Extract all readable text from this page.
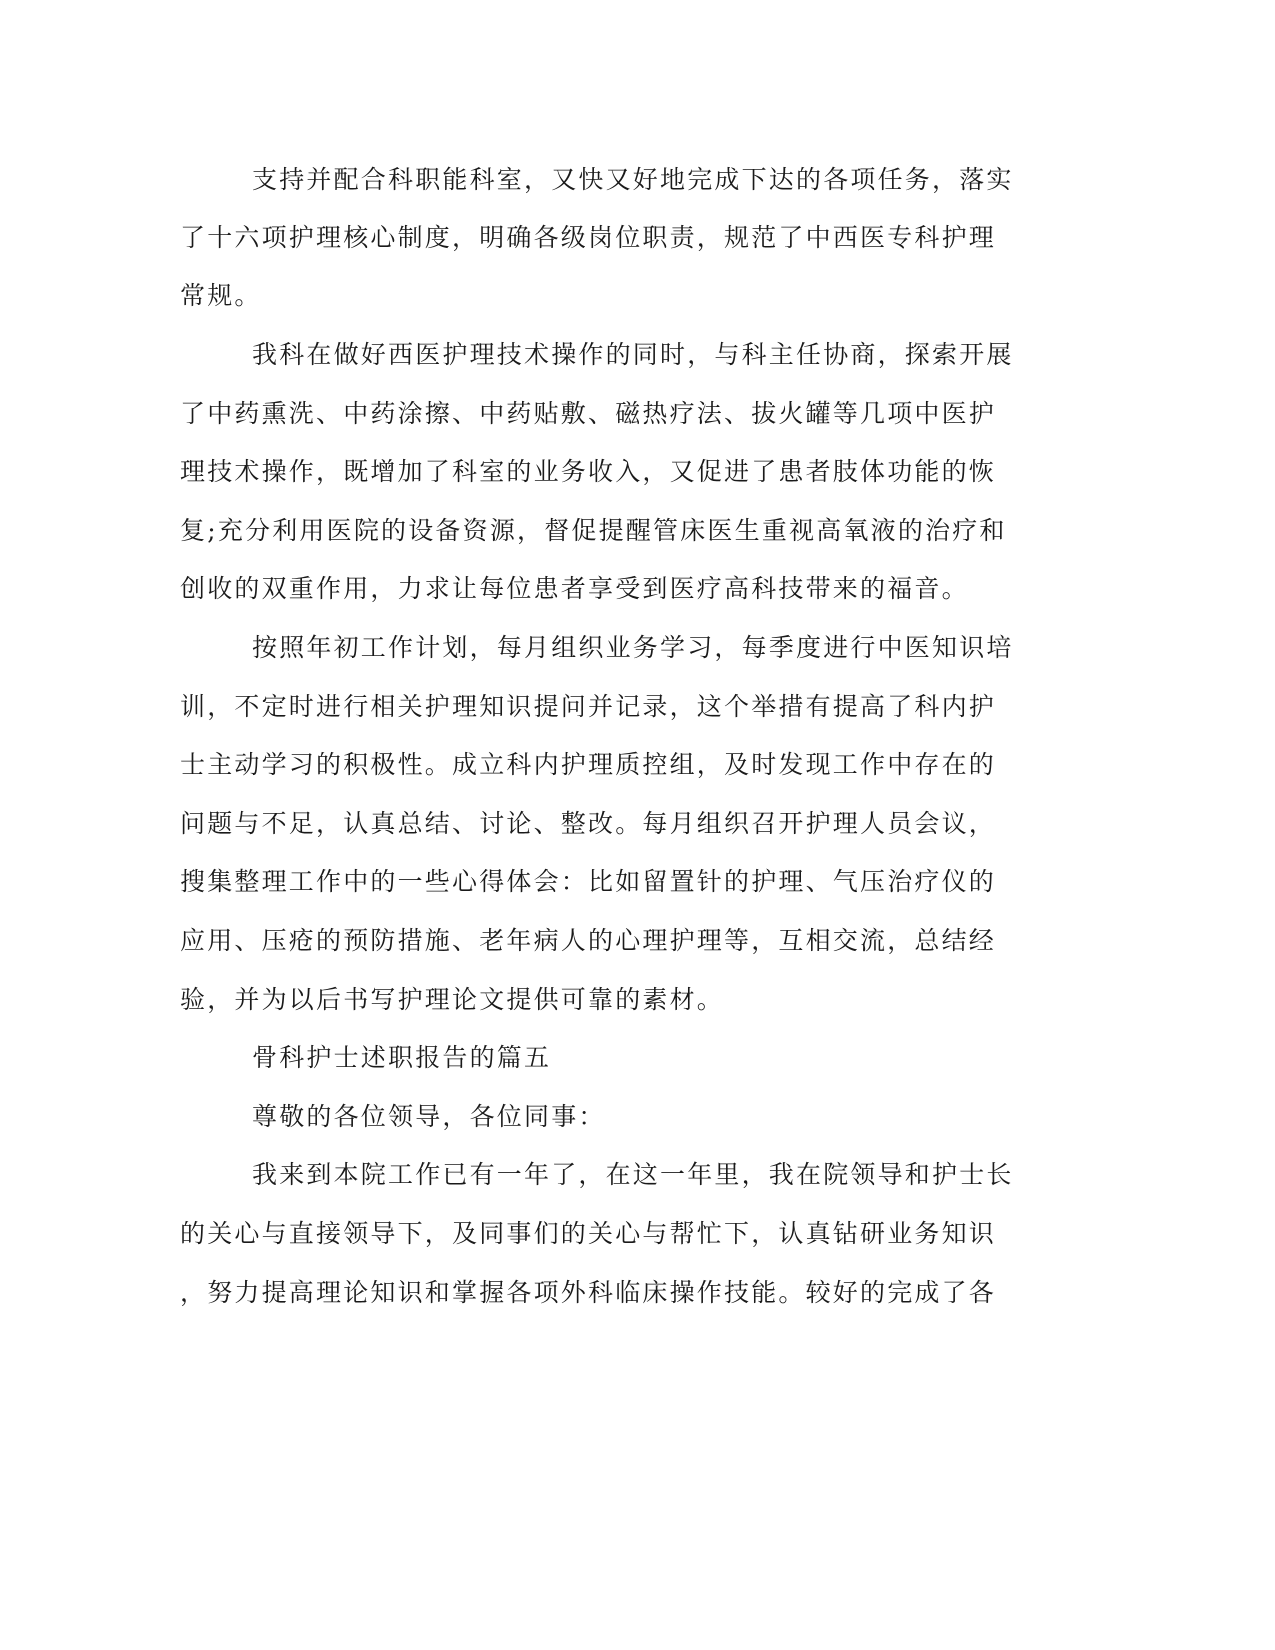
支持并配合科职能科室，又快又好地完成下达的各项任务，落实
了十六项护理核心制度，明确各级岗位职责，规范了中西医专科护理
常规。
我科在做好西医护理技术操作的同时，与科主任协商，探索开展
了中药熏洗、中药涂擦、中药贴敷、磁热疗法、拔火罐等几项中医护
理技术操作，既增加了科室的业务收入，又促进了患者肢体功能的恢
复;充分利用医院的设备资源，督促提醒管床医生重视高氧液的治疗和
创收的双重作用，力求让每位患者享受到医疗高科技带来的福音。
按照年初工作计划，每月组织业务学习，每季度进行中医知识培
训，不定时进行相关护理知识提问并记录，这个举措有提高了科内护
士主动学习的积极性。成立科内护理质控组，及时发现工作中存在的
问题与不足，认真总结、讨论、整改。每月组织召开护理人员会议，
搜集整理工作中的一些心得体会：比如留置针的护理、气压治疗仪的
应用、压疮的预防措施、老年病人的心理护理等，互相交流，总结经
验，并为以后书写护理论文提供可靠的素材。
骨科护士述职报告的篇五
尊敬的各位领导，各位同事：
我来到本院工作已有一年了，在这一年里，我在院领导和护士长
的关心与直接领导下，及同事们的关心与帮忙下，认真钻研业务知识
，努力提高理论知识和掌握各项外科临床操作技能。较好的完成了各
